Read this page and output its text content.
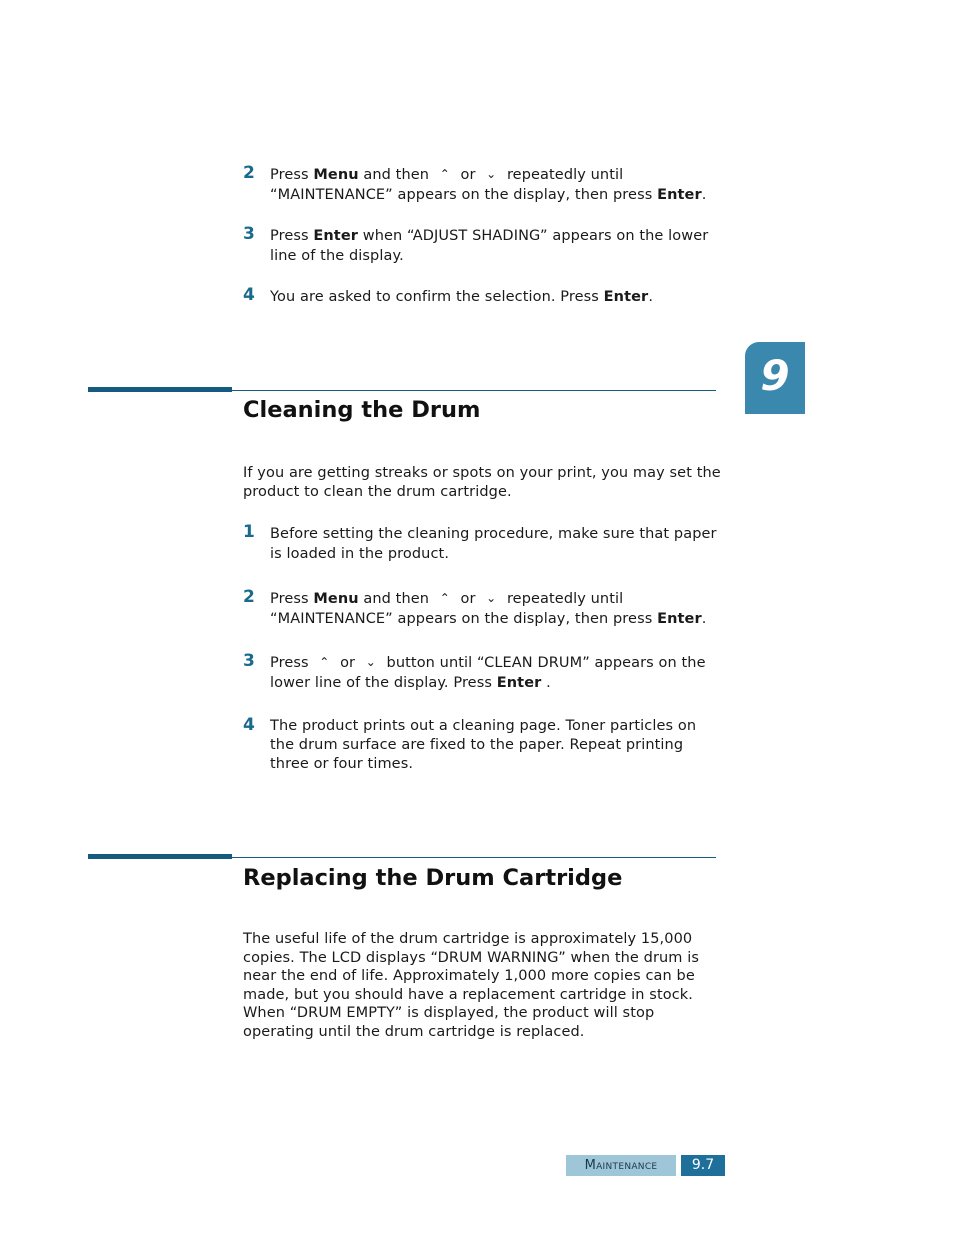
2 Press Menu and then ⌃ or ⌄ repeatedly until
“MAINTENANCE” appears on the display, then press Enter.
3 Press Enter when “ADJUST SHADING” appears on the lower line of the display.
4 You are asked to confirm the selection. Press Enter.
9
Cleaning the Drum
If you are getting streaks or spots on your print, you may set the product to clean the drum cartridge.
1 Before setting the cleaning procedure, make sure that paper is loaded in the product.
2 Press Menu and then ⌃ or ⌄ repeatedly until
“MAINTENANCE” appears on the display, then press Enter.
3 Press ⌃ or ⌄ button until “CLEAN DRUM” appears on the
lower line of the display. Press Enter .
4 The product prints out a cleaning page. Toner particles on the drum surface are fixed to the paper. Repeat printing three or four times.
Replacing the Drum Cartridge
The useful life of the drum cartridge is approximately 15,000 copies. The LCD displays “DRUM WARNING” when the drum is near the end of life. Approximately 1,000 more copies can be made, but you should have a replacement cartridge in stock. When “DRUM EMPTY” is displayed, the product will stop operating until the drum cartridge is replaced.
Maintenance	9.7
